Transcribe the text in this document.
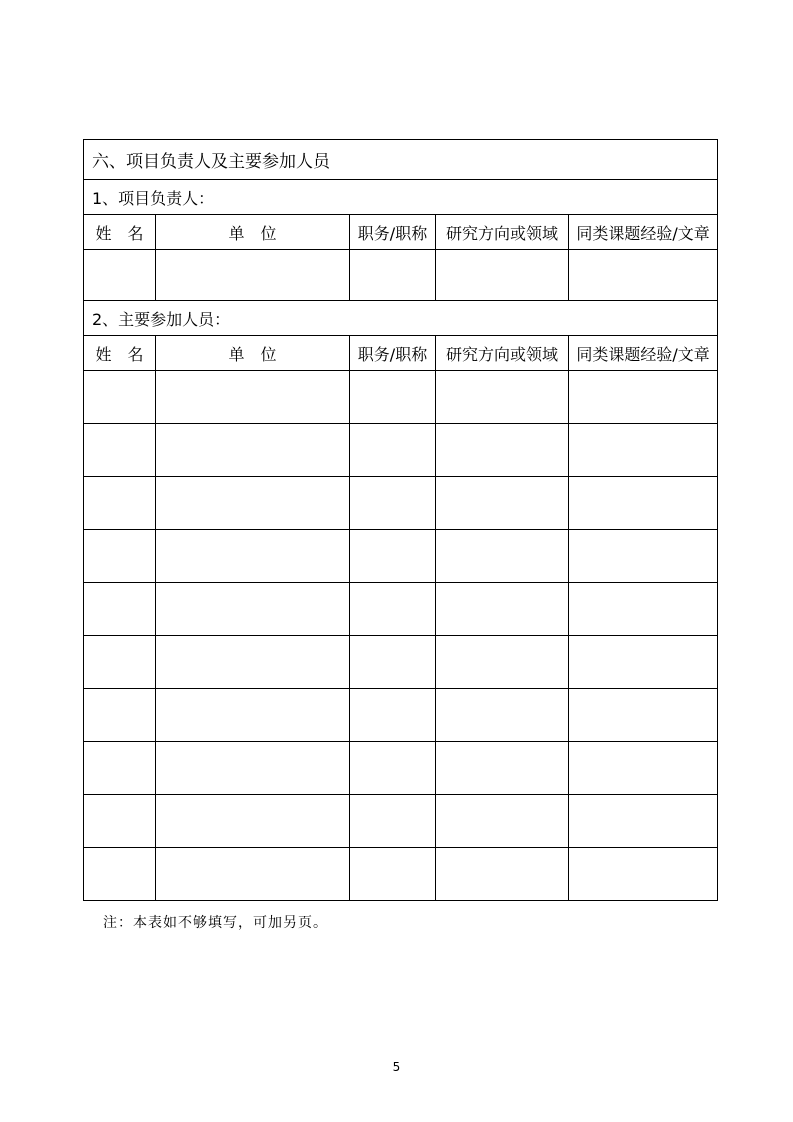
六、项目负责人及主要参加人员				
1、项目负责人：				
姓　名	单　位	职务/职称	研究方向或领域	同类课题经验/文章

2、主要参加人员：				
姓　名	单　位	职务/职称	研究方向或领域	同类课题经验/文章

注：本表如不够填写，可加另页。
5
